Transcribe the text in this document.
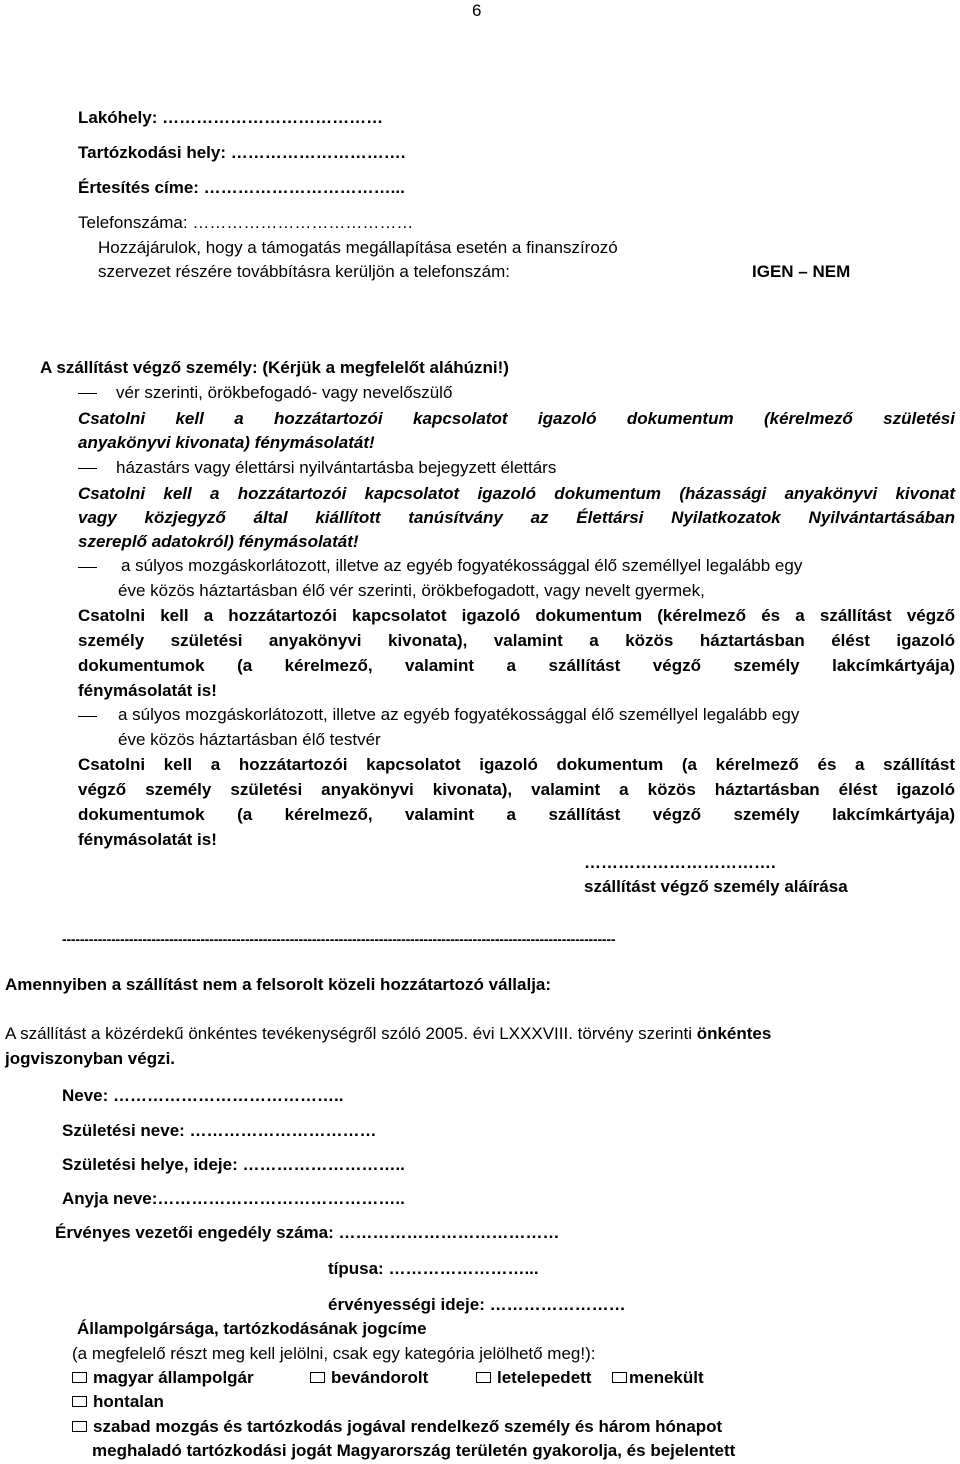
6
Lakóhely: …………………………………
Tartózkodási hely: ………………………….
Értesítés címe: ……………………………...
Telefonszáma: …………………………………
Hozzájárulok, hogy a támogatás megállapítása esetén a finanszírozó
szervezet részére továbbításra kerüljön a telefonszám:	IGEN – NEM
A szállítást végző személy: (Kérjük a megfelelőt aláhúzni!)
vér szerinti, örökbefogadó- vagy nevelőszülő
Csatolni kell a hozzátartozói kapcsolatot igazoló dokumentum (kérelmező születési
anyakönyvi kivonata) fénymásolatát!
házastárs vagy élettársi nyilvántartásba bejegyzett élettárs
Csatolni kell a hozzátartozói kapcsolatot igazoló dokumentum (házassági anyakönyvi kivonat
vagy közjegyző által kiállított tanúsítvány az Élettársi Nyilatkozatok Nyilvántartásában
szereplő adatokról) fénymásolatát!
a súlyos mozgáskorlátozott, illetve az egyéb fogyatékossággal élő személlyel legalább egy
éve közös háztartásban élő vér szerinti, örökbefogadott, vagy nevelt gyermek,
Csatolni kell a hozzátartozói kapcsolatot igazoló dokumentum (kérelmező és a szállítást végző
személy születési anyakönyvi kivonata), valamint a közös háztartásban élést igazoló
dokumentumok (a kérelmező, valamint a szállítást végző személy lakcímkártyája)
fénymásolatát is!
a súlyos mozgáskorlátozott, illetve az egyéb fogyatékossággal élő személlyel legalább egy
éve közös háztartásban élő testvér
Csatolni kell a hozzátartozói kapcsolatot igazoló dokumentum (a kérelmező és a szállítást
végző személy születési anyakönyvi kivonata), valamint a közös háztartásban élést igazoló
dokumentumok (a kérelmező, valamint a szállítást végző személy lakcímkártyája)
fénymásolatát is!
…………………………….
szállítást végző személy aláírása
----------------------------------------------------------------------------------------------------------------------------
Amennyiben a szállítást nem a felsorolt közeli hozzátartozó vállalja:
A szállítást a közérdekű önkéntes tevékenységről szóló 2005. évi LXXXVIII. törvény szerinti önkéntes
jogviszonyban végzi.
Neve: …………………………………..
Születési neve: ……………………………
Születési helye, ideje: ………………………..
Anyja neve:……………………………………..
Érvényes vezetői engedély száma: …………………………………
típusa: ……………………...
érvényességi ideje: ……………………
Állampolgársága, tartózkodásának jogcíme
(a megfelelő részt meg kell jelölni, csak egy kategória jelölhető meg!):
magyar állampolgár	bevándorolt	letelepedett	menekült
hontalan
szabad mozgás és tartózkodás jogával rendelkező személy és három hónapot
meghaladó tartózkodási jogát Magyarország területén gyakorolja, és bejelentett
